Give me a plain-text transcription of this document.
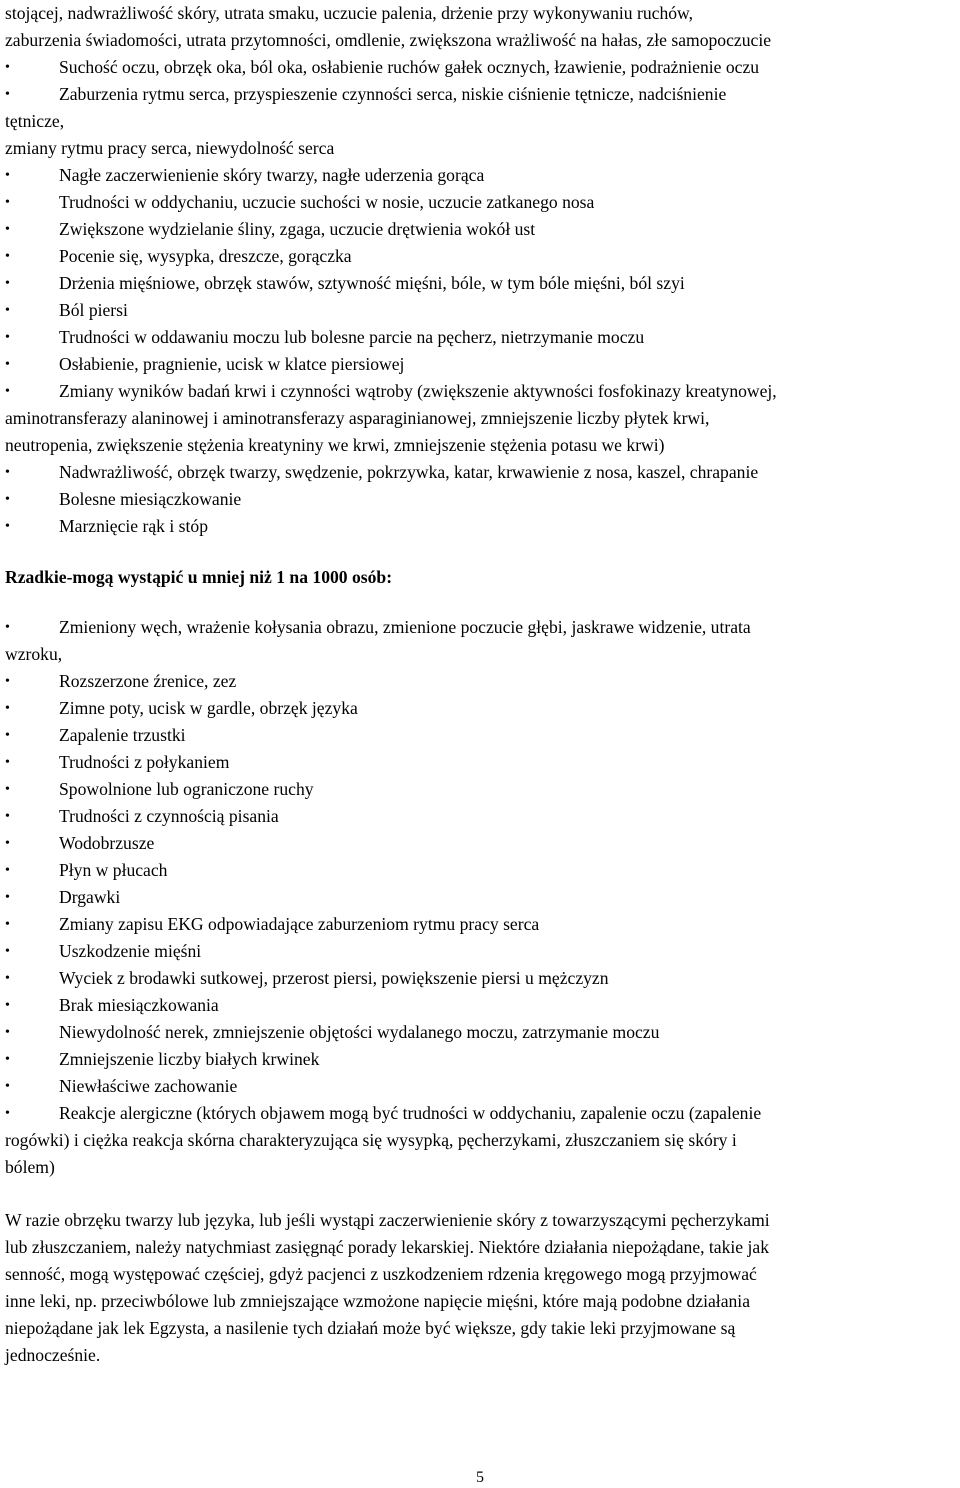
stojącej, nadwrażliwość skóry, utrata smaku, uczucie palenia, drżenie przy wykonywaniu ruchów,
zaburzenia świadomości, utrata przytomności, omdlenie, zwiększona wrażliwość na hałas, złe samopoczucie
•	Suchość oczu, obrzęk oka, ból oka, osłabienie ruchów gałek ocznych, łzawienie, podrażnienie oczu
•	Zaburzenia rytmu serca, przyspieszenie czynności serca, niskie ciśnienie tętnicze, nadciśnienie
tętnicze,
zmiany rytmu pracy serca, niewydolność serca
•	Nagłe zaczerwienienie skóry twarzy, nagłe uderzenia gorąca
•	Trudności w oddychaniu, uczucie suchości w nosie, uczucie zatkanego nosa
•	Zwiększone wydzielanie śliny, zgaga, uczucie drętwienia wokół ust
•	Pocenie się, wysypka, dreszcze, gorączka
•	Drżenia mięśniowe, obrzęk stawów, sztywność mięśni, bóle, w tym bóle mięśni, ból szyi
•	Ból piersi
•	Trudności w oddawaniu moczu lub bolesne parcie na pęcherz, nietrzymanie moczu
•	Osłabienie, pragnienie, ucisk w klatce piersiowej
•	Zmiany wyników badań krwi i czynności wątroby (zwiększenie aktywności fosfokinazy kreatynowej,
aminotransferazy alaninowej i aminotransferazy asparaginianowej, zmniejszenie liczby płytek krwi,
neutropenia, zwiększenie stężenia kreatyniny we krwi, zmniejszenie stężenia potasu we krwi)
•	Nadwrażliwość, obrzęk twarzy, swędzenie, pokrzywka, katar, krwawienie z nosa, kaszel, chrapanie
•	Bolesne miesiączkowanie
•	Marznięcie rąk i stóp
Rzadkie-mogą wystąpić u mniej niż 1 na 1000 osób:
•	Zmieniony węch, wrażenie kołysania obrazu, zmienione poczucie głębi, jaskrawe widzenie, utrata
wzroku,
•	Rozszerzone źrenice, zez
•	Zimne poty, ucisk w gardle, obrzęk języka
•	Zapalenie trzustki
•	Trudności z połykaniem
•	Spowolnione lub ograniczone ruchy
•	Trudności z czynnością pisania
•	Wodobrzusze
•	Płyn w płucach
•	Drgawki
•	Zmiany zapisu EKG odpowiadające zaburzeniom rytmu pracy serca
•	Uszkodzenie mięśni
•	Wyciek z brodawki sutkowej, przerost piersi, powiększenie piersi u mężczyzn
•	Brak miesiączkowania
•	Niewydolność nerek, zmniejszenie objętości wydalanego moczu, zatrzymanie moczu
•	Zmniejszenie liczby białych krwinek
•	Niewłaściwe zachowanie
•	Reakcje alergiczne (których objawem mogą być trudności w oddychaniu, zapalenie oczu (zapalenie
rogówki) i ciężka reakcja skórna charakteryzująca się wysypką, pęcherzykami, złuszczaniem się skóry i
bólem)
W razie obrzęku twarzy lub języka, lub jeśli wystąpi zaczerwienienie skóry z towarzyszącymi pęcherzykami
lub złuszczaniem, należy natychmiast zasięgnąć porady lekarskiej. Niektóre działania niepożądane, takie jak
senność, mogą występować częściej, gdyż pacjenci z uszkodzeniem rdzenia kręgowego mogą przyjmować
inne leki, np. przeciwbólowe lub zmniejszające wzmożone napięcie mięśni, które mają podobne działania
niepożądane jak lek Egzysta, a nasilenie tych działań może być większe, gdy takie leki przyjmowane są
jednocześnie.
5
